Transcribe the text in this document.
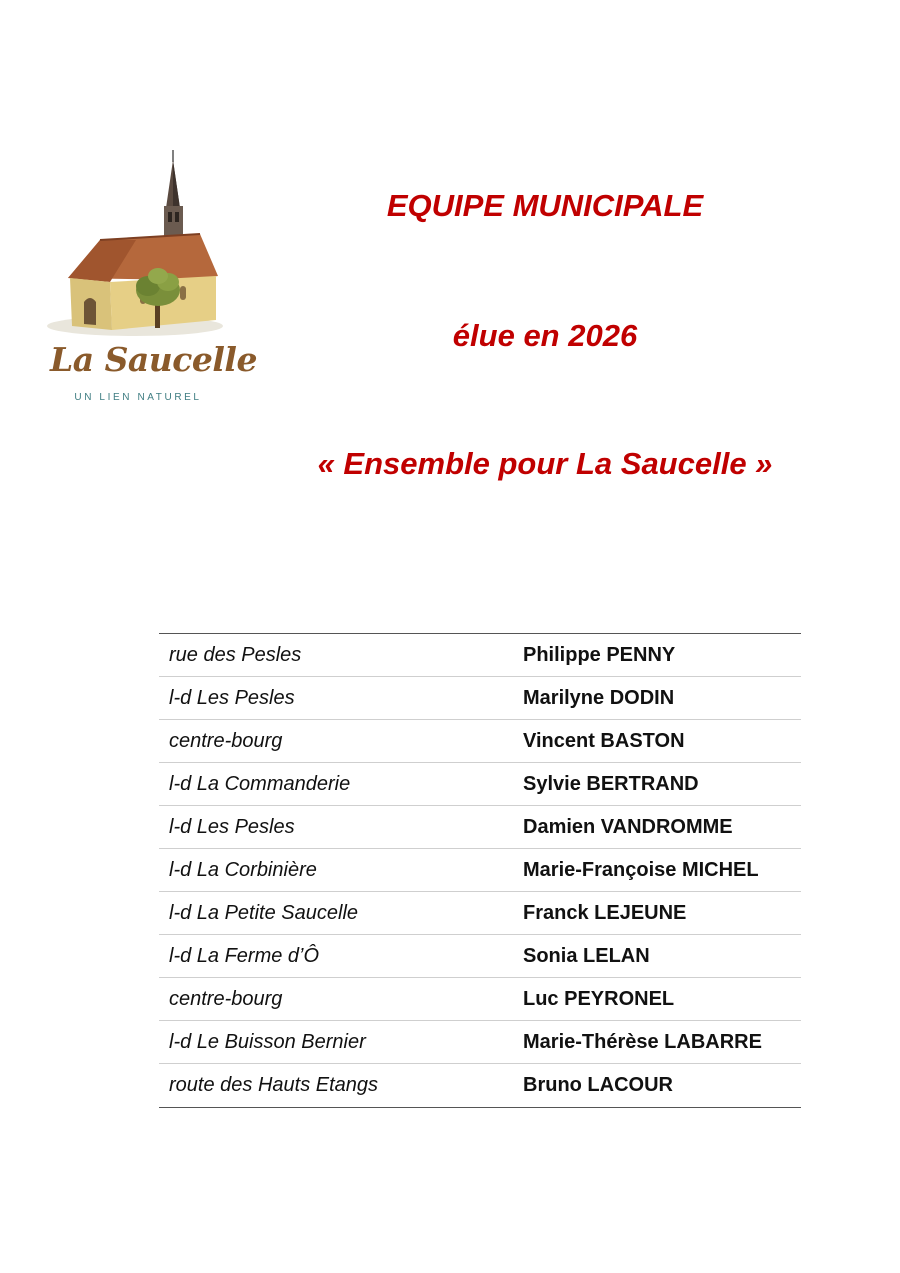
La Saucelle
UN LIEN NATUREL
EQUIPE MUNICIPALE
élue en 2026
« Ensemble pour La Saucelle »
rue des Pesles	Philippe PENNY
l-d Les Pesles	Marilyne DODIN
centre-bourg	Vincent BASTON
l-d La Commanderie	Sylvie BERTRAND
l-d Les Pesles	Damien VANDROMME
l-d La Corbinière	Marie-Françoise MICHEL
l-d La Petite Saucelle	Franck LEJEUNE
l-d La Ferme d’Ô	Sonia LELAN
centre-bourg	Luc PEYRONEL
l-d Le Buisson Bernier	Marie-Thérèse LABARRE
route des Hauts Etangs	Bruno LACOUR
